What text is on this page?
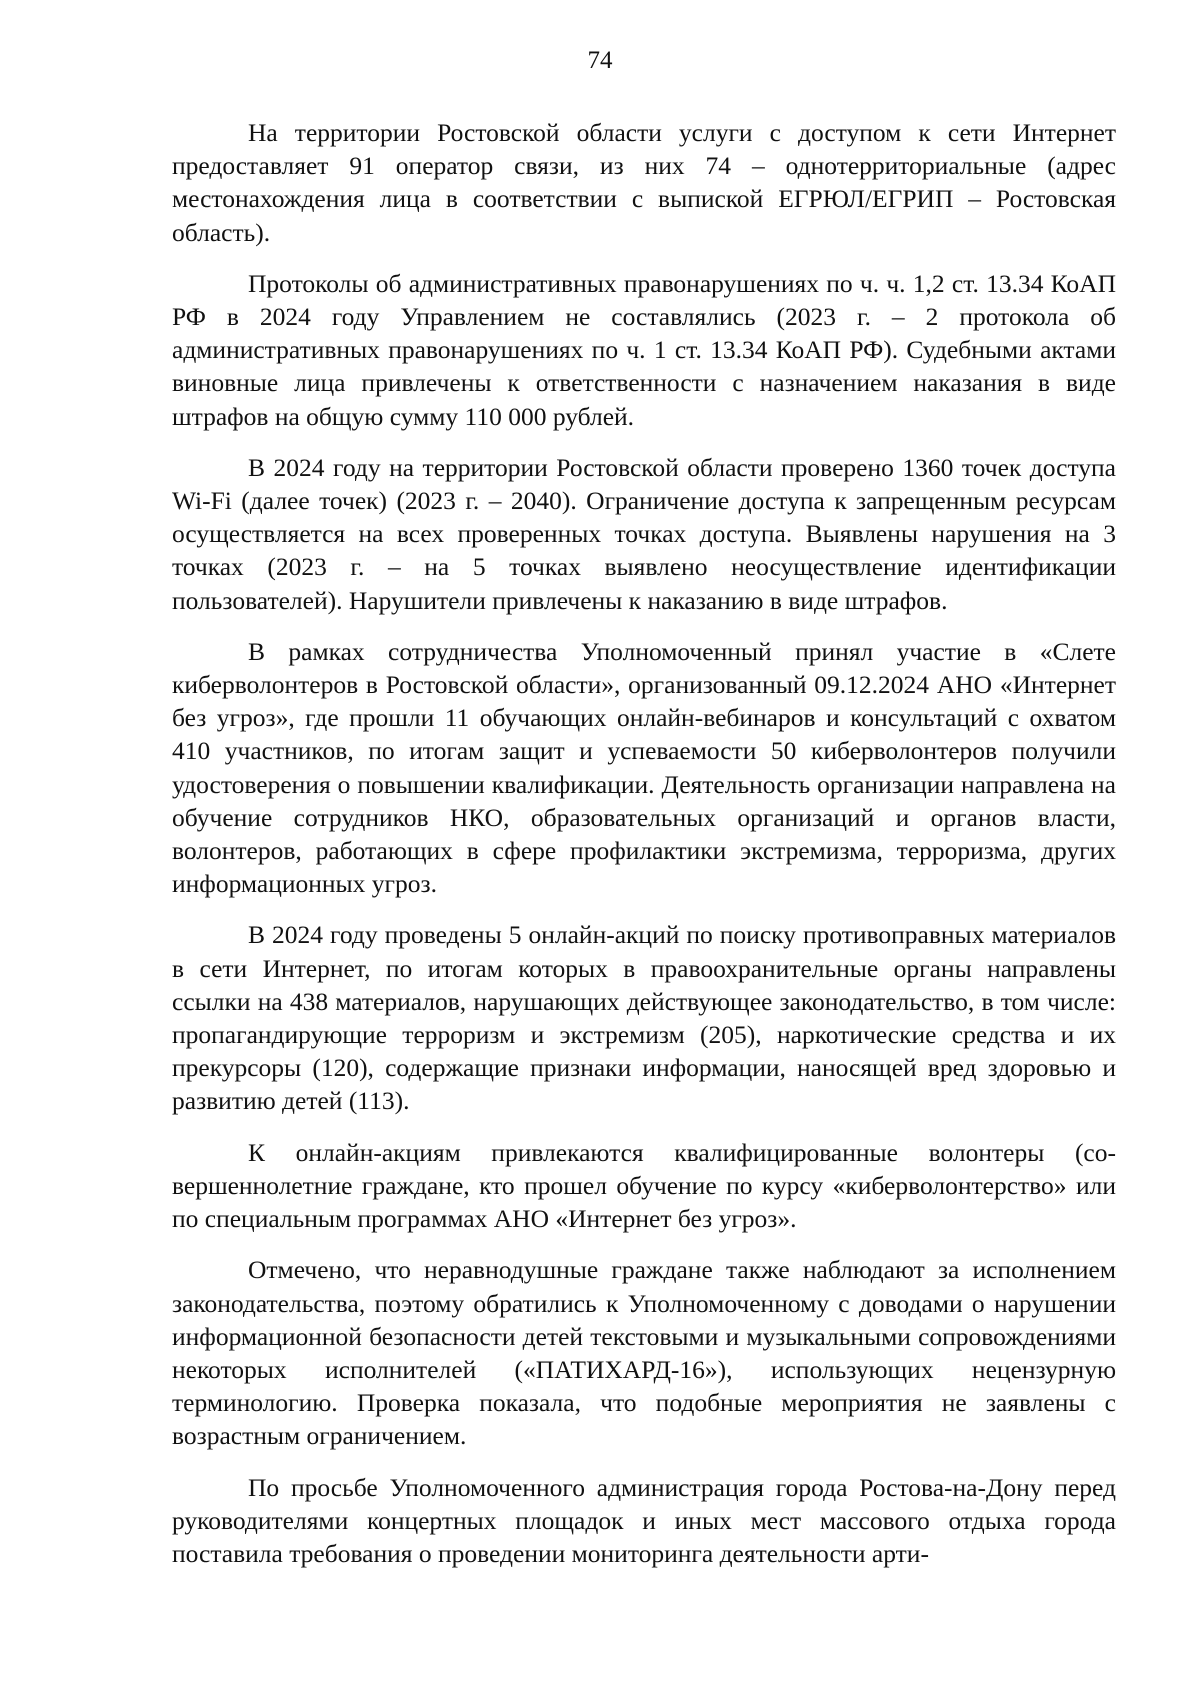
74

На территории Ростовской области услуги с доступом к сети Интернет предоставляет 91 оператор связи, из них 74 – однотерриториальные (адрес местонахождения лица в соответствии с выпиской ЕГРЮЛ/ЕГРИП – Ростовская область).

Протоколы об административных правонарушениях по ч. ч. 1,2 ст. 13.34 КоАП РФ в 2024 году Управлением не составлялись (2023 г. – 2 протокола об административных правонарушениях по ч. 1 ст. 13.34 КоАП РФ). Судебными актами виновные лица привлечены к ответственности с назначением наказания в виде штрафов на общую сумму 110 000 рублей.

В 2024 году на территории Ростовской области проверено 1360 точек доступа Wi-Fi (далее точек) (2023 г. – 2040). Ограничение доступа к запрещенным ресурсам осуществляется на всех проверенных точках доступа. Выявлены нарушения на 3 точках (2023 г. – на 5 точках выявлено неосуществление идентификации пользователей). Нарушители привлечены к наказанию в виде штрафов.

В рамках сотрудничества Уполномоченный принял участие в «Слете киберволонтеров в Ростовской области», организованный 09.12.2024 АНО «Интернет без угроз», где прошли 11 обучающих онлайн-вебинаров и консультаций с охватом 410 участников, по итогам защит и успеваемости 50 киберволонтеров получили удостоверения о повышении квалификации. Деятельность организации направлена на обучение сотрудников НКО, образовательных организаций и органов власти, волонтеров, работающих в сфере профилактики экстремизма, терроризма, других информационных угроз.

В 2024 году проведены 5 онлайн-акций по поиску противоправных материалов в сети Интернет, по итогам которых в правоохранительные органы направлены ссылки на 438 материалов, нарушающих действующее законодательство, в том числе: пропагандирующие терроризм и экстремизм (205), наркотические средства и их прекурсоры (120), содержащие признаки информации, наносящей вред здоровью и развитию детей (113).

К онлайн-акциям привлекаются квалифицированные волонтеры (совершеннолетние граждане, кто прошел обучение по курсу «киберволонтерство» или по специальным программах АНО «Интернет без угроз».

Отмечено, что неравнодушные граждане также наблюдают за исполнением законодательства, поэтому обратились к Уполномоченному с доводами о нарушении информационной безопасности детей текстовыми и музыкальными сопровождениями некоторых исполнителей («ПАТИХАРД-16»), использующих нецензурную терминологию. Проверка показала, что подобные мероприятия не заявлены с возрастным ограничением.

По просьбе Уполномоченного администрация города Ростова-на-Дону перед руководителями концертных площадок и иных мест массового отдыха города поставила требования о проведении мониторинга деятельности арти-
